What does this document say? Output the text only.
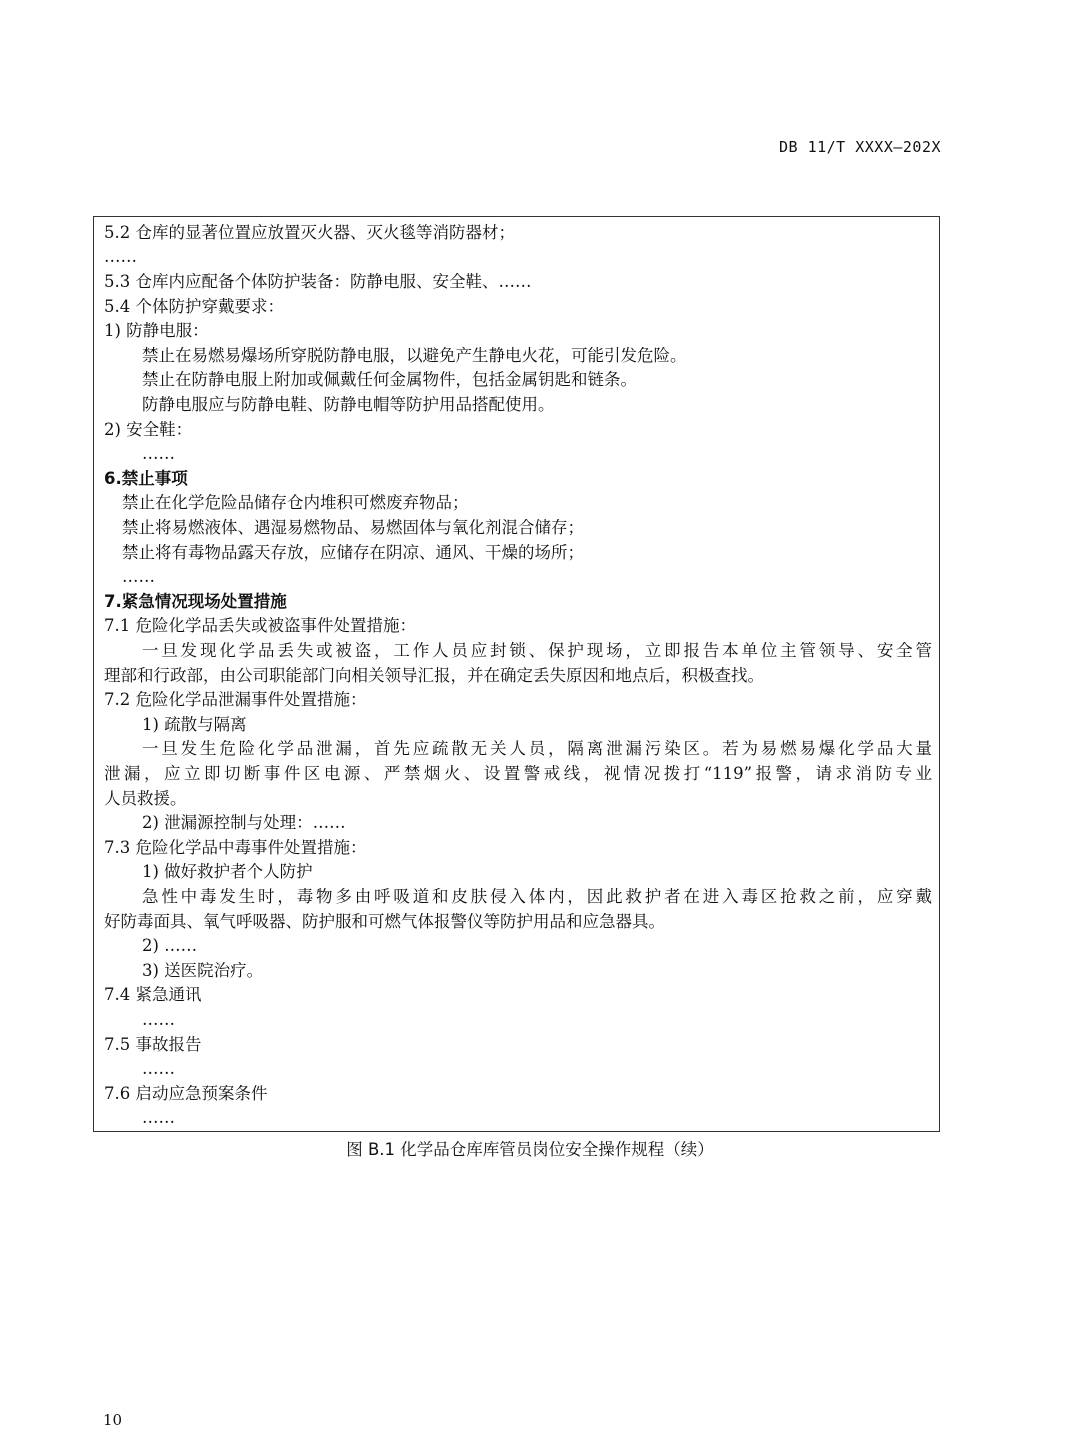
DB 11/T XXXX—202X
5.2 仓库的显著位置应放置灭火器、灭火毯等消防器材；
……
5.3 仓库内应配备个体防护装备：防静电服、安全鞋、……
5.4 个体防护穿戴要求：
1) 防静电服：
禁止在易燃易爆场所穿脱防静电服，以避免产生静电火花，可能引发危险。
禁止在防静电服上附加或佩戴任何金属物件，包括金属钥匙和链条。
防静电服应与防静电鞋、防静电帽等防护用品搭配使用。
2) 安全鞋：
……
6.禁止事项
禁止在化学危险品储存仓内堆积可燃废弃物品；
禁止将易燃液体、遇湿易燃物品、易燃固体与氧化剂混合储存；
禁止将有毒物品露天存放，应储存在阴凉、通风、干燥的场所；
……
7.紧急情况现场处置措施
7.1 危险化学品丢失或被盗事件处置措施：
一旦发现化学品丢失或被盗，工作人员应封锁、保护现场，立即报告本单位主管领导、安全管
理部和行政部，由公司职能部门向相关领导汇报，并在确定丢失原因和地点后，积极查找。
7.2 危险化学品泄漏事件处置措施：
1) 疏散与隔离
一旦发生危险化学品泄漏，首先应疏散无关人员，隔离泄漏污染区。若为易燃易爆化学品大量
泄漏，应立即切断事件区电源、严禁烟火、设置警戒线，视情况拨打“119”报警，请求消防专业
人员救援。
2) 泄漏源控制与处理：……
7.3 危险化学品中毒事件处置措施：
1) 做好救护者个人防护
急性中毒发生时，毒物多由呼吸道和皮肤侵入体内，因此救护者在进入毒区抢救之前，应穿戴
好防毒面具、氧气呼吸器、防护服和可燃气体报警仪等防护用品和应急器具。
2) ……
3) 送医院治疗。
7.4 紧急通讯
……
7.5 事故报告
……
7.6 启动应急预案条件
……
图 B.1 化学品仓库库管员岗位安全操作规程（续）
10
